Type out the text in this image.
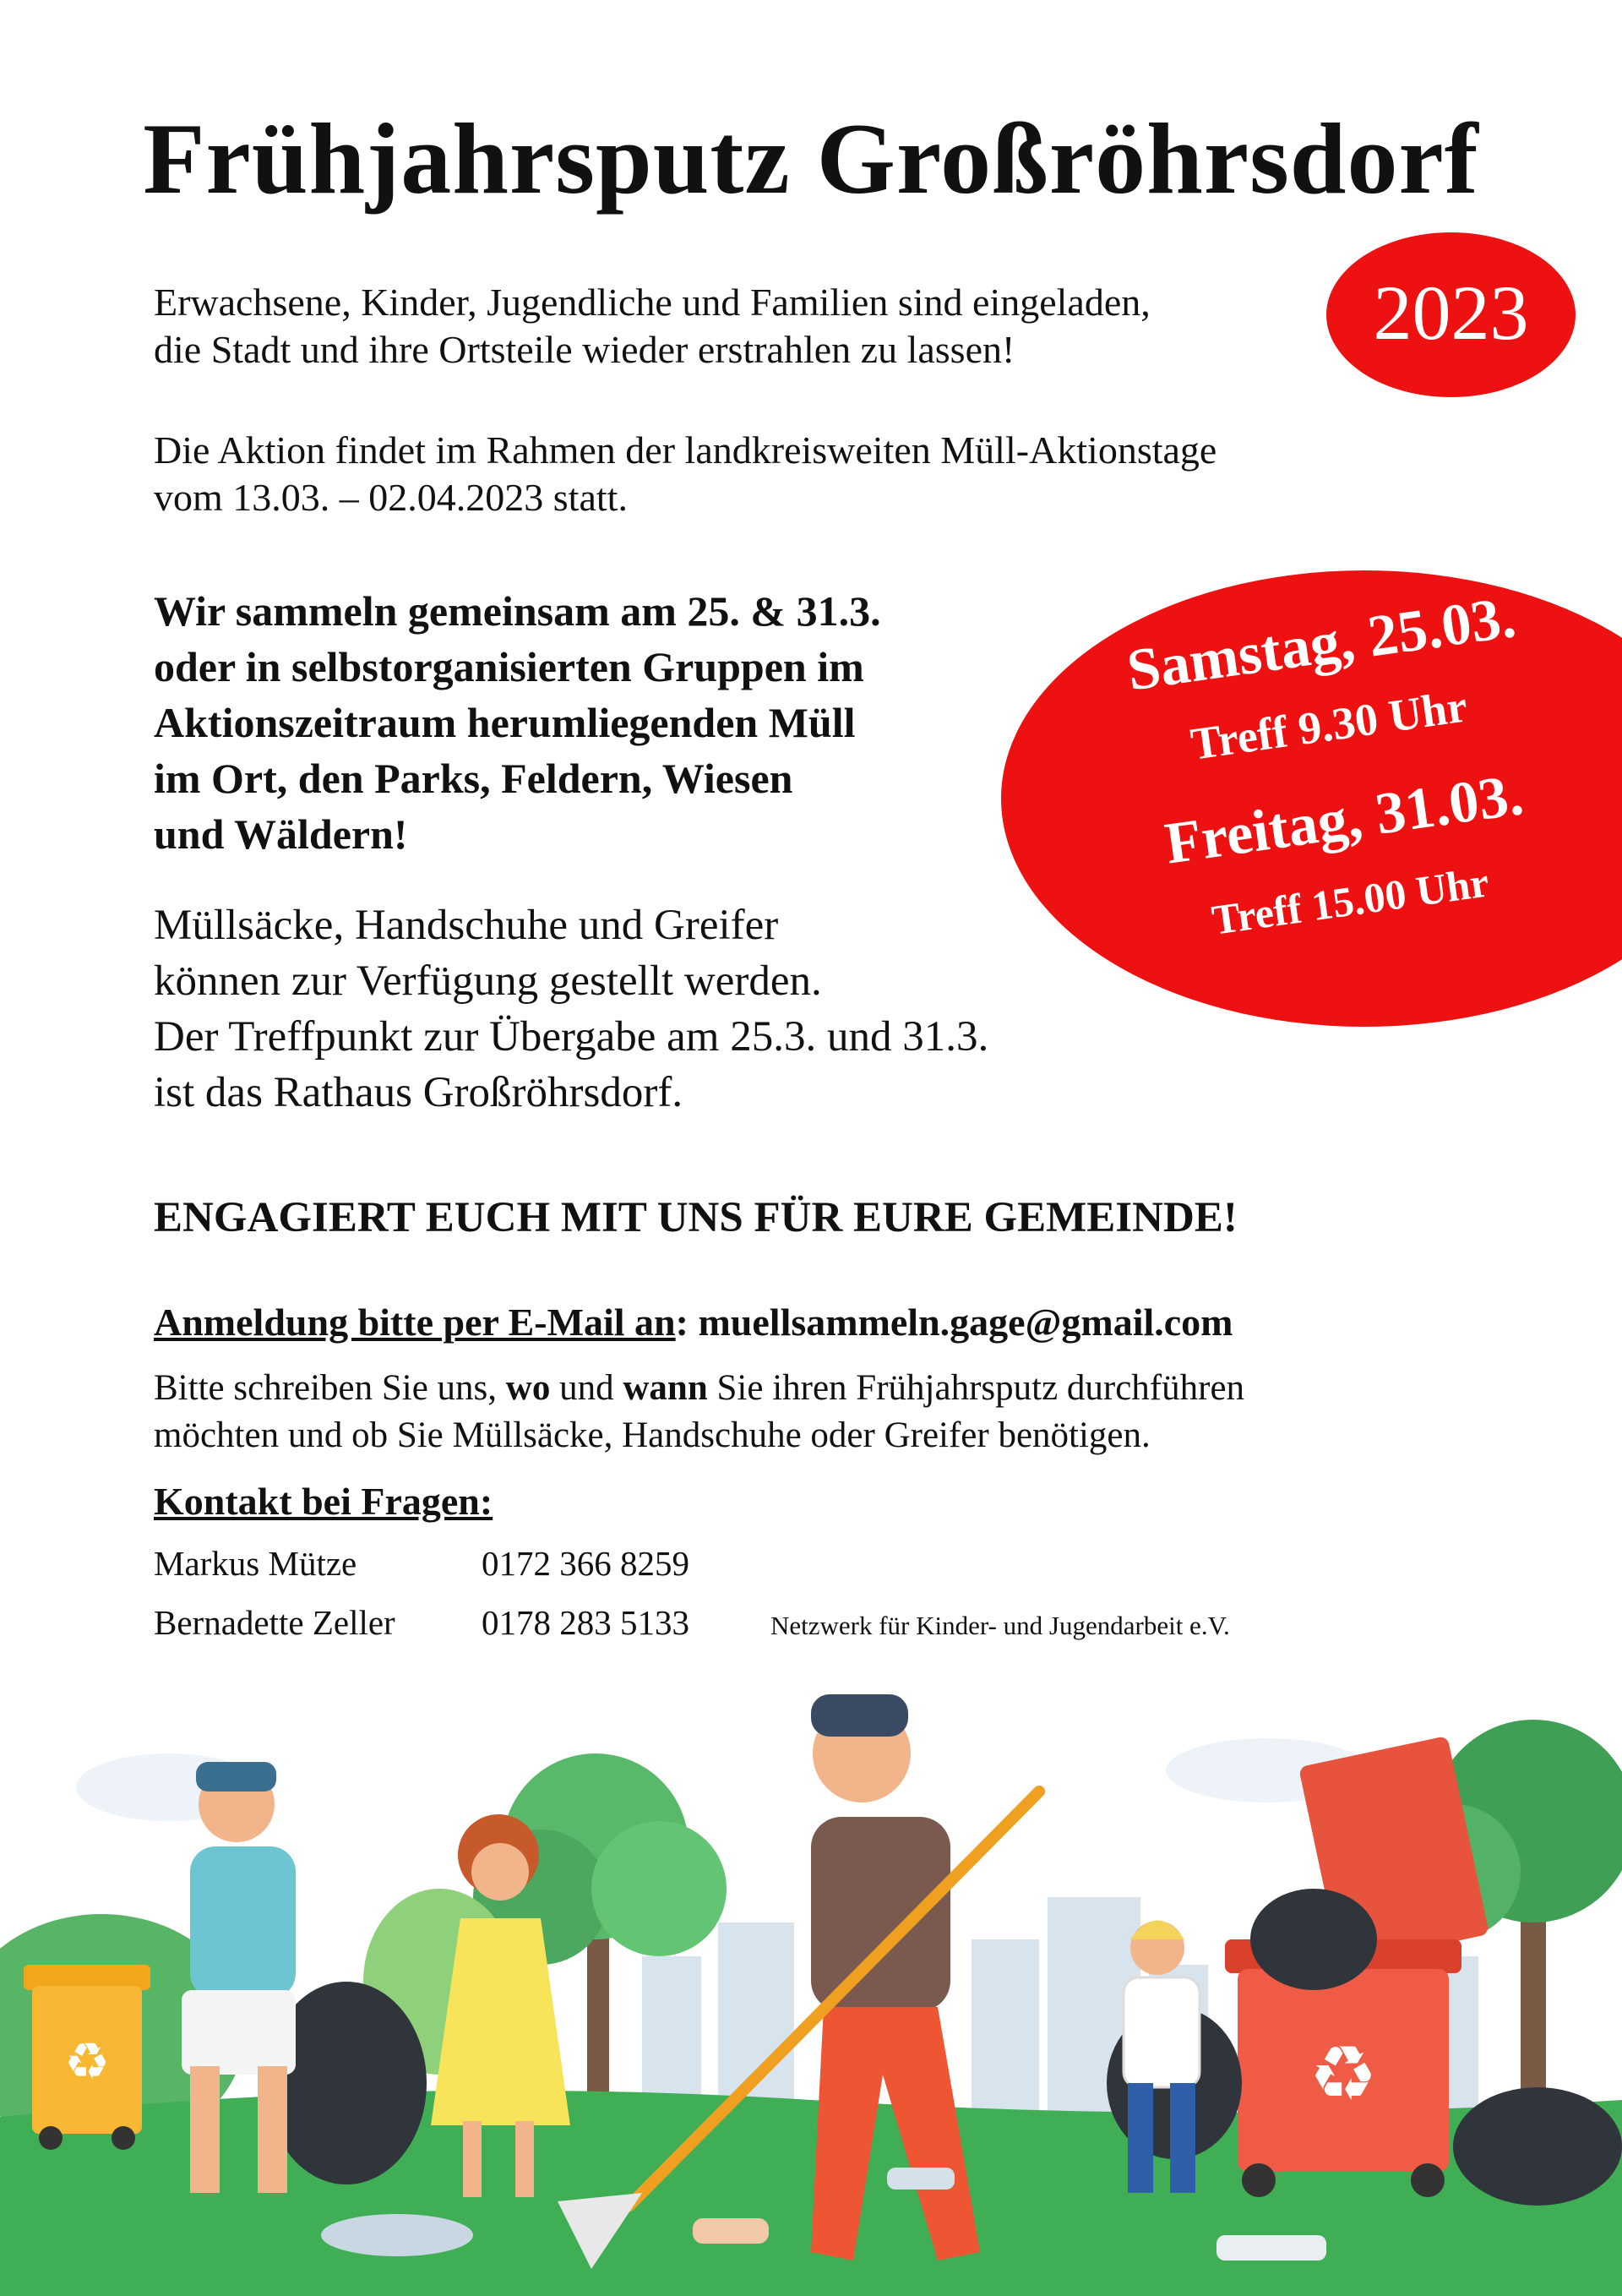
Frühjahrsputz Großröhrsdorf
2023
Erwachsene, Kinder, Jugendliche und Familien sind eingeladen,
die Stadt und ihre Ortsteile wieder erstrahlen zu lassen!
Die Aktion findet im Rahmen der landkreisweiten Müll-Aktionstage
vom 13.03. – 02.04.2023 statt.
Wir sammeln gemeinsam am 25. & 31.3.
oder in selbstorganisierten Gruppen im
Aktionszeitraum herumliegenden Müll
im Ort, den Parks, Feldern, Wiesen
und Wäldern!
Samstag, 25.03.
Treff 9.30 Uhr
Freitag, 31.03.
Treff 15.00 Uhr
Müllsäcke, Handschuhe und Greifer
können zur Verfügung gestellt werden.
Der Treffpunkt zur Übergabe am 25.3. und 31.3.
ist das Rathaus Großröhrsdorf.
ENGAGIERT EUCH MIT UNS FÜR EURE GEMEINDE!
Anmeldung bitte per E-Mail an: muellsammeln.gage@gmail.com
Bitte schreiben Sie uns, wo und wann Sie ihren Frühjahrsputz durchführen
möchten und ob Sie Müllsäcke, Handschuhe oder Greifer benötigen.
Kontakt bei Fragen:
Markus Mütze	0172 366 8259
Bernadette Zeller 0178 283 5133	Netzwerk für Kinder- und Jugendarbeit e.V.
♻	♻
